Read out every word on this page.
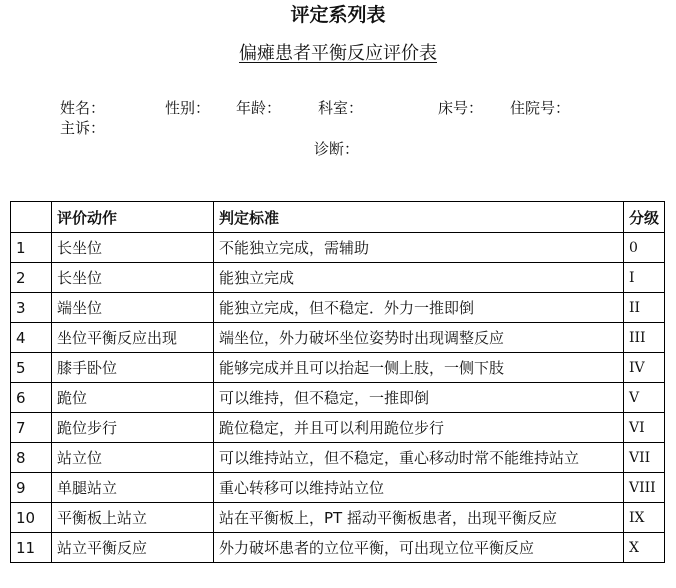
评定系列表
偏瘫患者平衡反应评价表
姓名：	性别： 年龄： 科室：	床号： 住院号：
主诉：
诊断：
	评价动作	判定标准	分级
1	长坐位	不能独立完成，需辅助	0
2	长坐位	能独立完成	I
3	端坐位	能独立完成，但不稳定．外力一推即倒	II
4	坐位平衡反应出现	端坐位，外力破坏坐位姿势时出现调整反应	III
5	膝手卧位	能够完成并且可以抬起一侧上肢，一侧下肢	IV
6	跪位	可以维持，但不稳定，一推即倒	V
7	跪位步行	跪位稳定，并且可以利用跪位步行	VI
8	站立位	可以维持站立，但不稳定，重心移动时常不能维持站立	VII
9	单腿站立	重心转移可以维持站立位	VIII
10	平衡板上站立	站在平衡板上，PT 摇动平衡板患者，出现平衡反应	IX
11	站立平衡反应	外力破坏患者的立位平衡，可出现立位平衡反应	X
